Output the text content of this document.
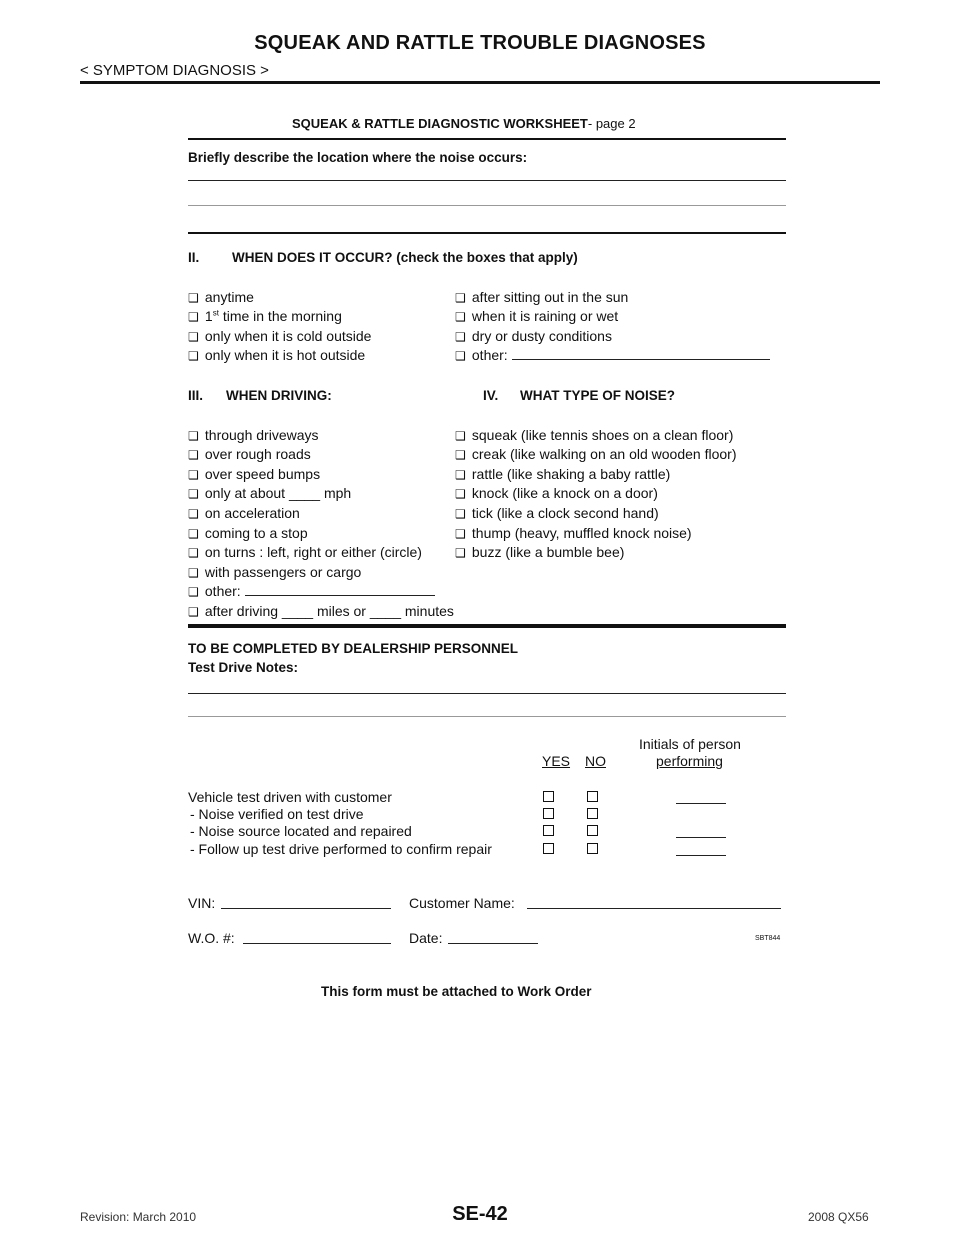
SQUEAK AND RATTLE TROUBLE DIAGNOSES
< SYMPTOM DIAGNOSIS >
SQUEAK & RATTLE DIAGNOSTIC WORKSHEET- page 2
Briefly describe the location where the noise occurs:
II. WHEN DOES IT OCCUR? (check the boxes that apply)
❑ anytime
❑ 1st time in the morning
❑ only when it is cold outside
❑ only when it is hot outside
❑ after sitting out in the sun
❑ when it is raining or wet
❑ dry or dusty conditions
❑ other:
III. WHEN DRIVING:	IV. WHAT TYPE OF NOISE?
❑ through driveways
❑ over rough roads
❑ over speed bumps
❑ only at about ____ mph
❑ on acceleration
❑ coming to a stop
❑ on turns : left, right or either (circle)
❑ with passengers or cargo
❑ other:
❑ after driving ____ miles or ____ minutes
❑ squeak (like tennis shoes on a clean floor)
❑ creak (like walking on an old wooden floor)
❑ rattle (like shaking a baby rattle)
❑ knock (like a knock on a door)
❑ tick (like a clock second hand)
❑ thump (heavy, muffled knock noise)
❑ buzz (like a bumble bee)
TO BE COMPLETED BY DEALERSHIP PERSONNEL
Test Drive Notes:
Initials of person
YES NO	performing
Vehicle test driven with customer
- Noise verified on test drive
- Noise source located and repaired
- Follow up test drive performed to confirm repair
VIN:	Customer Name:
W.O. #:	Date:	SBT844
This form must be attached to Work Order
SE-42
Revision: March 2010	2008 QX56
